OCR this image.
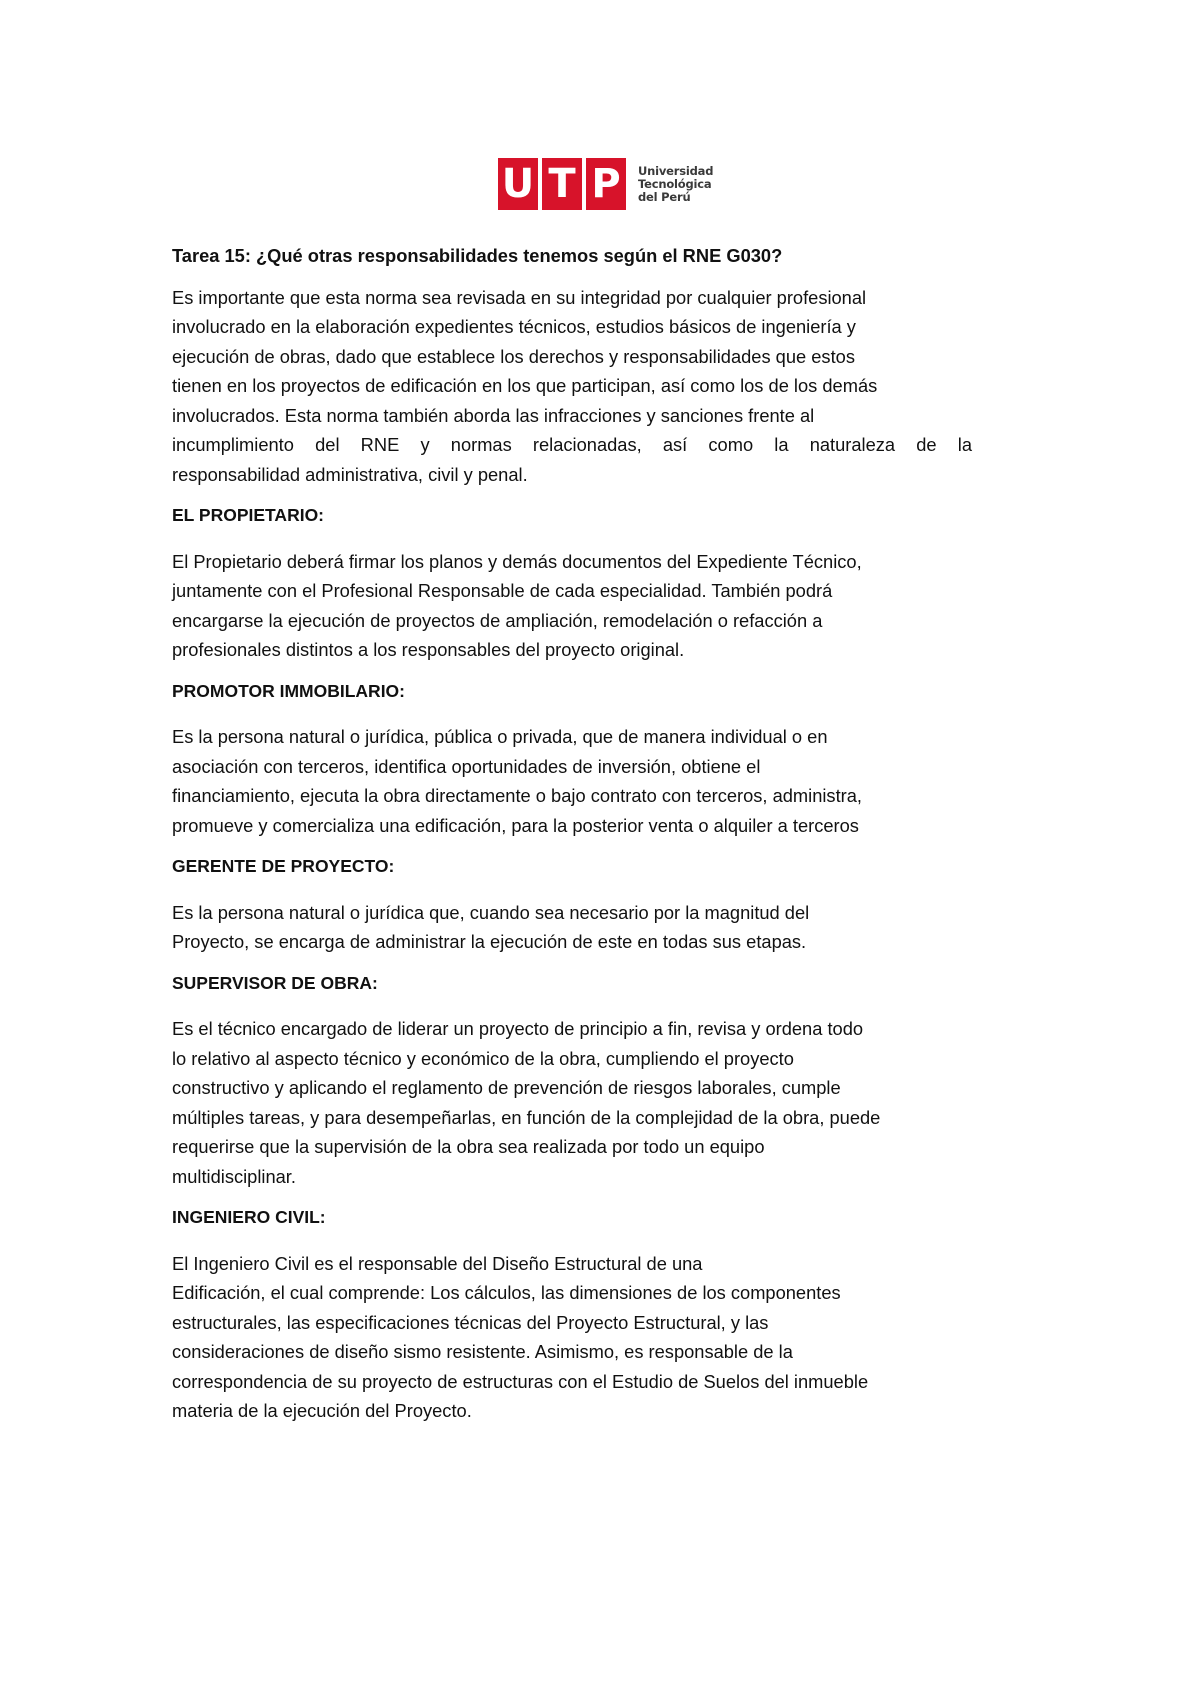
U T P	Universidad
Tecnológica
del Perú

Tarea 15: ¿Qué otras responsabilidades tenemos según el RNE G030?

Es importante que esta norma sea revisada en su integridad por cualquier profesional
involucrado en la elaboración expedientes técnicos, estudios básicos de ingeniería y
ejecución de obras, dado que establece los derechos y responsabilidades que estos
tienen en los proyectos de edificación en los que participan, así como los de los demás
involucrados. Esta norma también aborda las infracciones y sanciones frente al
incumplimiento del RNE y normas relacionadas, así como la naturaleza de la
responsabilidad administrativa, civil y penal.

EL PROPIETARIO:

El Propietario deberá firmar los planos y demás documentos del Expediente Técnico,
juntamente con el Profesional Responsable de cada especialidad. También podrá
encargarse la ejecución de proyectos de ampliación, remodelación o refacción a
profesionales distintos a los responsables del proyecto original.

PROMOTOR IMMOBILARIO:

Es la persona natural o jurídica, pública o privada, que de manera individual o en
asociación con terceros, identifica oportunidades de inversión, obtiene el
financiamiento, ejecuta la obra directamente o bajo contrato con terceros, administra,
promueve y comercializa una edificación, para la posterior venta o alquiler a terceros

GERENTE DE PROYECTO:

Es la persona natural o jurídica que, cuando sea necesario por la magnitud del
Proyecto, se encarga de administrar la ejecución de este en todas sus etapas.

SUPERVISOR DE OBRA:

Es el técnico encargado de liderar un proyecto de principio a fin, revisa y ordena todo
lo relativo al aspecto técnico y económico de la obra, cumpliendo el proyecto
constructivo y aplicando el reglamento de prevención de riesgos laborales, cumple
múltiples tareas, y para desempeñarlas, en función de la complejidad de la obra, puede
requerirse que la supervisión de la obra sea realizada por todo un equipo
multidisciplinar.

INGENIERO CIVIL:

El Ingeniero Civil es el responsable del Diseño Estructural de una
Edificación, el cual comprende: Los cálculos, las dimensiones de los componentes
estructurales, las especificaciones técnicas del Proyecto Estructural, y las
consideraciones de diseño sismo resistente. Asimismo, es responsable de la
correspondencia de su proyecto de estructuras con el Estudio de Suelos del inmueble
materia de la ejecución del Proyecto.
